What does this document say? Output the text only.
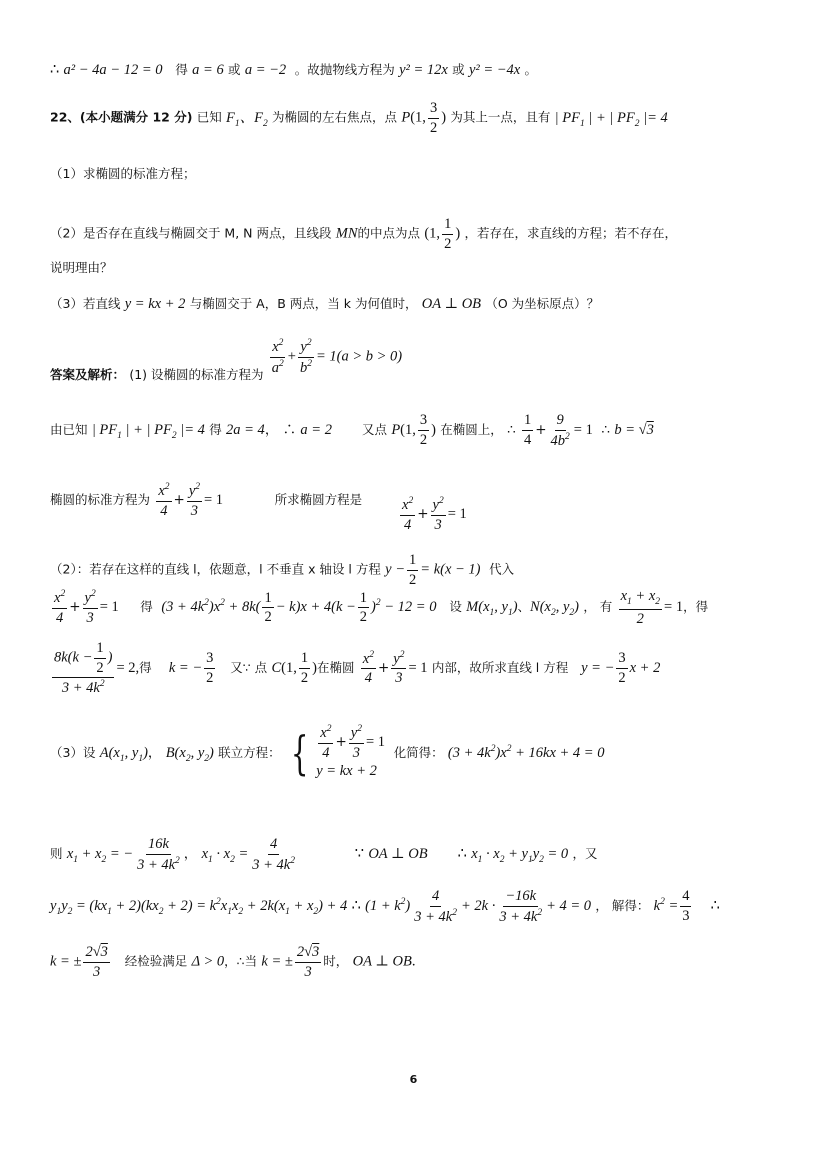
∴ a² − 4a − 12 = 0 得 a = 6 或 a = −2 。故抛物线方程为 y² = 12x 或 y² = −4x 。
22、(本小题满分 12 分) 已知 $F_1$、$F_2$ 为椭圆的左右焦点，点 P(1, $\frac{3}{2}$ ) 为其上一点，且有 | $PF_1$ | + | $PF_2$ |= 4
（1）求椭圆的标准方程；
（2）是否存在直线与椭圆交于 M, N 两点，且线段 MN的中点为点 (1, $\frac{1}{2}$ ) ，若存在，求直线的方程；若不存在，
说明理由？
（3）若直线 y = kx + 2 与椭圆交于 A，B 两点，当 k 为何值时， OA ⊥ OB （O 为坐标原点）？
答案及解析： (1) 设椭圆的标准方程为 $\frac{x^2}{a^2} + \frac{y^2}{b^2} = 1(a > b > 0)$
由已知 | $PF_1$ | + | $PF_2$ |= 4 得 2a = 4， ∴ a = 2 又点 P(1, $\frac{3}{2}$ ) 在椭圆上， ∴ $\frac{1}{4} + \frac{9}{4b^2} = 1$  ∴ b = √3
椭圆的标准方程为 $\frac{x^2}{4} + \frac{y^2}{3} = 1$	所求椭圆方程是	$\frac{x^2}{4} + \frac{y^2}{3} = 1$
（2）：若存在这样的直线 l，依题意，l 不垂直 x 轴设 l 方程 $y - \frac{1}{2} = k(x - 1)$ 代入
$\frac{x^2}{4} + \frac{y^2}{3} = 1$ 得 $(3 + 4k^2)x^2 + 8k( \frac{1}{2} - k)x + 4(k - \frac{1}{2} )^2 - 12 = 0$ 设 $M(x_1$, $y_1$)、$N(x_2$, $y_2$) ， 有 $\frac{x_1 + x_2}{2} = 1$，得
$\frac{8k(k - \frac{1}{2} )}{3 + 4k^2} = 2$,得 k = − $\frac{3}{2}$ 又∵ 点 C(1, $\frac{1}{2}$ )在椭圆 $\frac{x^2}{4} + \frac{y^2}{3} = 1$ 内部，故所求直线 l 方程 y = − $\frac{3}{2}$ x + 2
（3）设 $A(x_1$, $y_1$)， $B(x_2$, $y_2$) 联立方程： { $\frac{x^2}{4} + \frac{y^2}{3} = 1$
y = kx + 2
化简得： $(3 + 4k^2)x^2 + 16kx + 4 = 0$
则 $x_1 + x_2$ = − $\frac{16k}{3 + 4k^2}$ ， $x_1 \cdot x_2 = \frac{4}{3 + 4k^2}$	∵ OA ⊥ OB ∴ $x_1 \cdot x_2 + y_1y_2 = 0$ ，又
$y_1y_2 = (kx_1 + 2)(kx_2 + 2) = k^2x_1x_2 + 2k(x_1 + x_2) + 4$ ∴ $(1 + k^2) \frac{4}{3 + 4k^2} + 2k \cdot \frac{-16k}{3 + 4k^2} + 4 = 0$ ， 解得： $k^2 = \frac{4}{3}$ ∴
k = ± $\frac{2√3}{3}$ 经检验满足 Δ > 0，∴当 k = ± $\frac{2√3}{3}$ 时， OA ⊥ OB.
6
